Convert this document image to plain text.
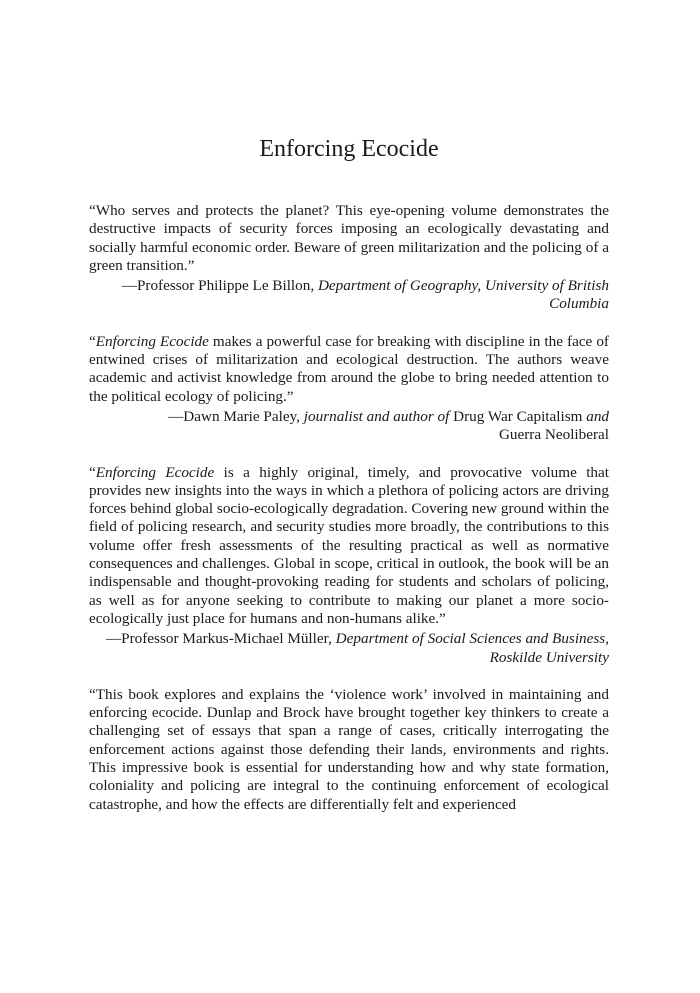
Enforcing Ecocide

“Who serves and protects the planet? This eye-opening volume demonstrates the destructive impacts of security forces imposing an ecologically devastating and socially harmful economic order. Beware of green militarization and the policing of a green transition.”

—Professor Philippe Le Billon, Department of Geography, University of British Columbia

“Enforcing Ecocide makes a powerful case for breaking with discipline in the face of entwined crises of militarization and ecological destruction. The authors weave academic and activist knowledge from around the globe to bring needed attention to the political ecology of policing.”

—Dawn Marie Paley, journalist and author of Drug War Capitalism and Guerra Neoliberal

“Enforcing Ecocide is a highly original, timely, and provocative volume that provides new insights into the ways in which a plethora of policing actors are driving forces behind global socio-ecologically degradation. Covering new ground within the field of policing research, and security studies more broadly, the contributions to this volume offer fresh assessments of the resulting practical as well as normative consequences and challenges. Global in scope, critical in outlook, the book will be an indispensable and thought-provoking reading for students and scholars of policing, as well as for anyone seeking to contribute to making our planet a more socio-ecologically just place for humans and non-humans alike.”

—Professor Markus-Michael Müller, Department of Social Sciences and Business, Roskilde University

“This book explores and explains the ‘violence work’ involved in maintaining and enforcing ecocide. Dunlap and Brock have brought together key thinkers to create a challenging set of essays that span a range of cases, critically interrogating the enforcement actions against those defending their lands, environments and rights. This impressive book is essential for understanding how and why state formation, coloniality and policing are integral to the continuing enforcement of ecological catastrophe, and how the effects are differentially felt and experienced
